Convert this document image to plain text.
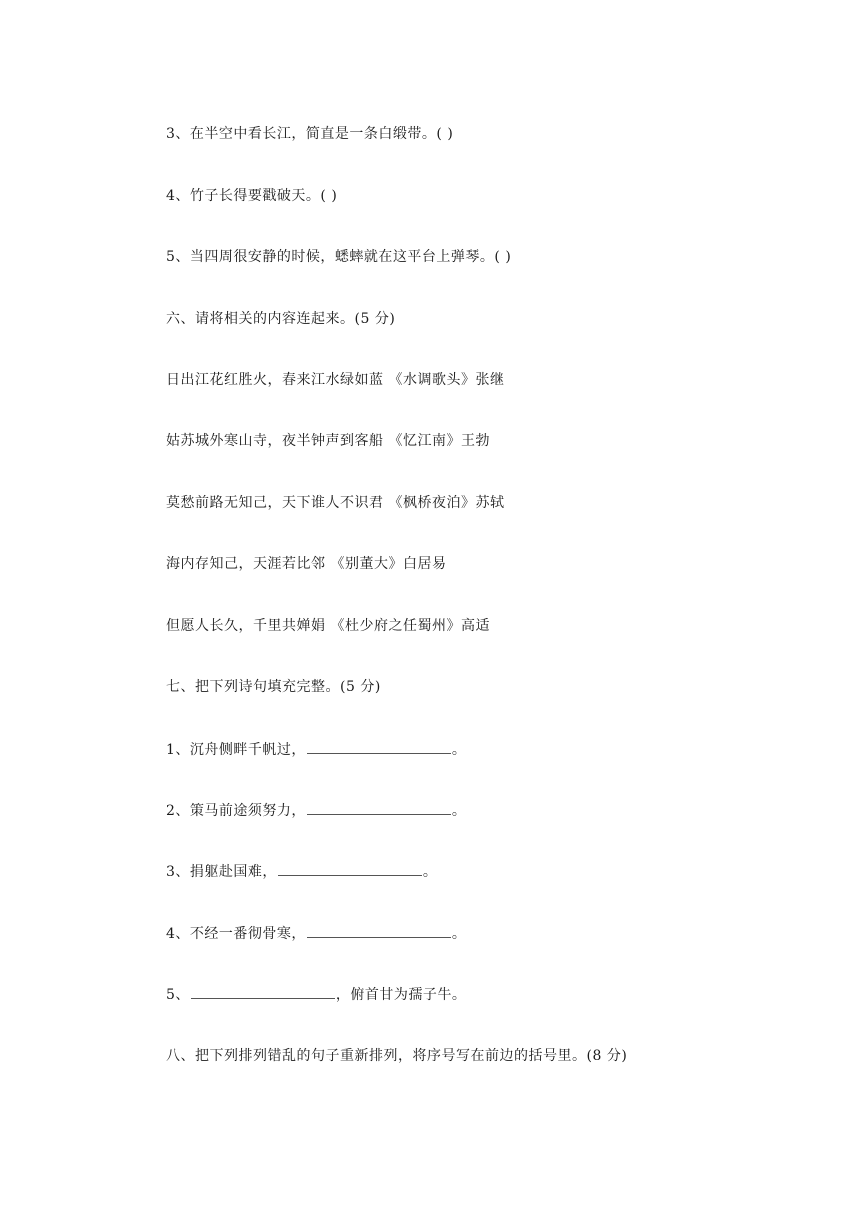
3、在半空中看长江，简直是一条白缎带。( )
4、竹子长得要戳破天。( )
5、当四周很安静的时候，蟋蟀就在这平台上弹琴。( )
六、请将相关的内容连起来。(5 分)
日出江花红胜火，春来江水绿如蓝 《水调歌头》张继
姑苏城外寒山寺，夜半钟声到客船 《忆江南》王勃
莫愁前路无知己，天下谁人不识君 《枫桥夜泊》苏轼
海内存知己，天涯若比邻 《别董大》白居易
但愿人长久，千里共婵娟 《杜少府之任蜀州》高适
七、把下列诗句填充完整。(5 分)
1、沉舟侧畔千帆过，	。
2、策马前途须努力，	。
3、捐躯赴国难，	。
4、不经一番彻骨寒，	。
5、	，俯首甘为孺子牛。
八、把下列排列错乱的句子重新排列，将序号写在前边的括号里。(8 分)
